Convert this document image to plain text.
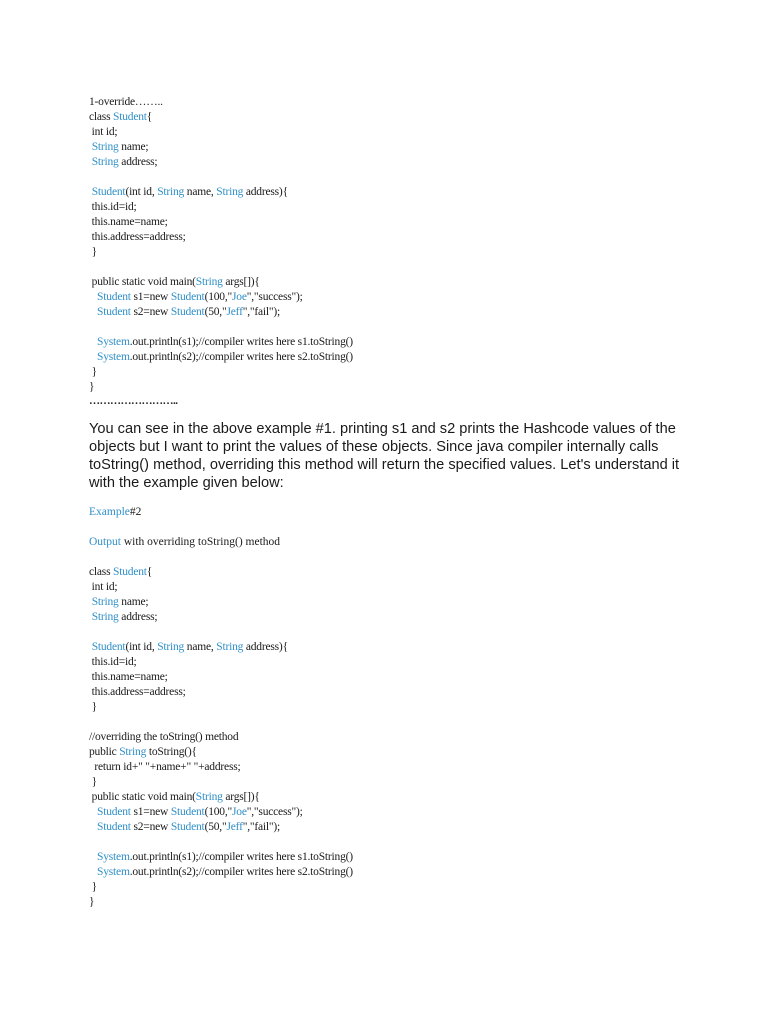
1-override……..
class Student{
int id;
String name;
String address;
Student(int id, String name, String address){
this.id=id;
this.name=name;
this.address=address;
}
public static void main(String args[]){
Student s1=new Student(100,"Joe","success");
Student s2=new Student(50,"Jeff","fail");
System.out.println(s1);//compiler writes here s1.toString()
System.out.println(s2);//compiler writes here s2.toString()
}
}
……………………..
You can see in the above example #1. printing s1 and s2 prints the Hashcode values of the objects but I want to print the values of these objects. Since java compiler internally calls toString() method, overriding this method will return the specified values. Let's understand it with the example given below:
Example#2
Output with overriding toString() method
class Student{
int id;
String name;
String address;
Student(int id, String name, String address){
this.id=id;
this.name=name;
this.address=address;
}
//overriding the toString() method
public String toString(){
return id+" "+name+" "+address;
}
public static void main(String args[]){
Student s1=new Student(100,"Joe","success");
Student s2=new Student(50,"Jeff","fail");
System.out.println(s1);//compiler writes here s1.toString()
System.out.println(s2);//compiler writes here s2.toString()
}
}
